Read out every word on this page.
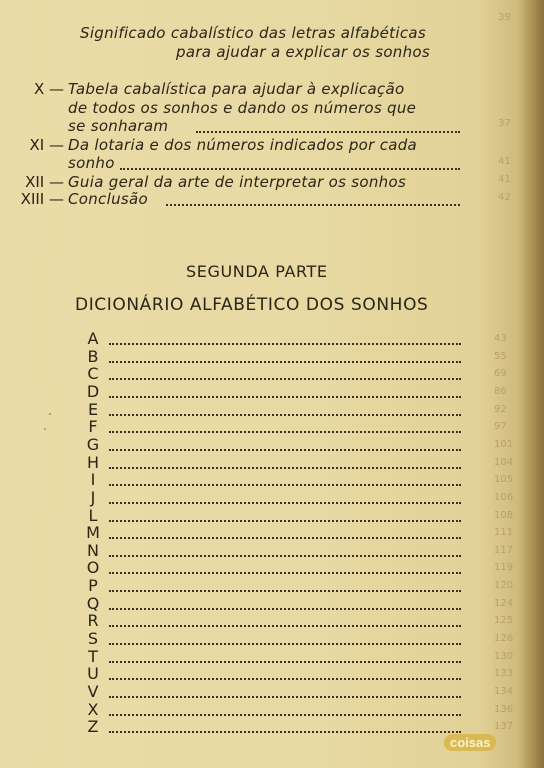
Significado cabalístico das letras alfabéticas
para ajudar a explicar os sonhos
39
X — Tabela cabalística para ajudar à explicação
de todos os sonhos e dando os números que
se sonharam	37
XI — Da lotaria e dos números indicados por cada
sonho	41
XII — Guia geral da arte de interpretar os sonhos	41
XIII — Conclusão	42
SEGUNDA PARTE
DICIONÁRIO ALFABÉTICO DOS SONHOS
A	43
B	55
C	69
D	86
E	92
F	97
G	101
H	104
I	105
J	106
L	108
M	111
N	117
O	119
P	120
Q	124
R	125
S	126
T	130
U	133
V	134
X	136
Z	137
coisas
